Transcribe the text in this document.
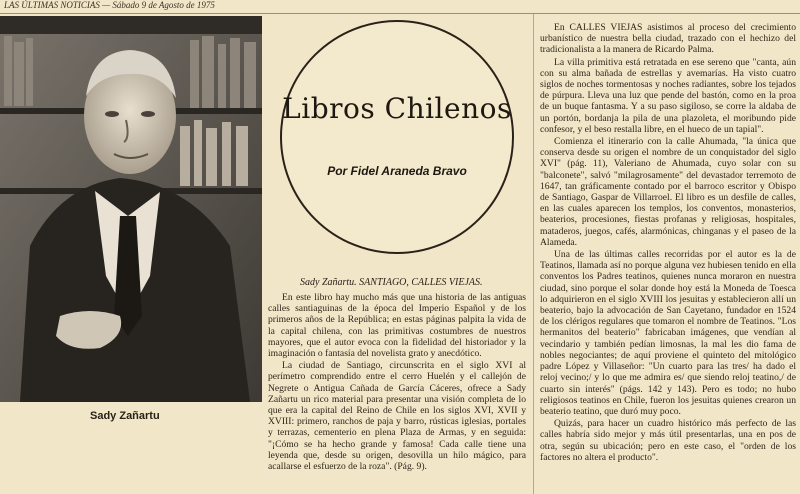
LAS ÚLTIMAS NOTICIAS — Sábado 9 de Agosto de 1975
Sady Zañartu
Libros Chilenos
Por Fidel Araneda Bravo
Sady Zañartu. SANTIAGO, CALLES VIEJAS.

En este libro hay mucho más que una historia de las antiguas calles santiaguinas de la época del Imperio Español y de los primeros años de la República; en estas páginas palpita la vida de la capital chilena, con las primitivas costumbres de nuestros mayores, que el autor evoca con la fidelidad del historiador y la imaginación o fantasía del novelista grato y anecdótico.

La ciudad de Santiago, circunscrita en el siglo XVI al perímetro comprendido entre el cerro Huelén y el callejón de Negrete o Antigua Cañada de García Cáceres, ofrece a Sady Zañartu un rico material para presentar una visión completa de lo que era la capital del Reino de Chile en los siglos XVI, XVII y XVIII: primero, ranchos de paja y barro, rústicas iglesias, portales y terrazas, cementerio en plena Plaza de Armas, y en seguida: "¡Cómo se ha hecho grande y famosa! Cada calle tiene una leyenda que, desde su origen, desovilla un hilo mágico, para acallarse el esfuerzo de la roza". (Pág. 9).

En CALLES VIEJAS asistimos al proceso del crecimiento urbanístico de nuestra bella ciudad, trazado con el hechizo del tradicionalista a la manera de Ricardo Palma.

La villa primitiva está retratada en ese sereno que "canta, aún con su alma bañada de estrellas y avemarías. Ha visto cuatro siglos de noches tormentosas y noches radiantes, sobre los tejados de púrpura. Lleva una luz que pende del bastón, como en la proa de un buque fantasma. Y a su paso sigiloso, se corre la aldaba de un portón, bordanja la pila de una plazoleta, el moribundo pide confesor, y el beso restalla libre, en el hueco de un tapial".

Comienza el itinerario con la calle Ahumada, "la única que conserva desde su origen el nombre de un conquistador del siglo XVI" (pág. 11), Valeriano de Ahumada, cuyo solar con su "balconete", salvó "milagrosamente" del devastador terremoto de 1647, tan gráficamente contado por el barroco escritor y Obispo de Santiago, Gaspar de Villarroel. El libro es un desfile de calles, en las cuales aparecen los templos, los conventos, monasterios, beaterios, procesiones, fiestas profanas y religiosas, hospitales, mataderos, juegos, cafés, alarmónicas, chinganas y el paseo de la Alameda.

Una de las últimas calles recorridas por el autor es la de Teatinos, llamada así no porque alguna vez hubiesen tenido en ella conventos los Padres teatinos, quienes nunca moraron en nuestra ciudad, sino porque el solar donde hoy está la Moneda de Toesca lo adquirieron en el siglo XVIII los jesuitas y establecieron allí un beaterio, bajo la advocación de San Cayetano, fundador en 1524 de los clérigos regulares que tomaron el nombre de Teatinos. "Los hermanitos del beaterio" fabricaban imágenes, que vendían al vecindario y también pedían limosnas, la mal les dio fama de nobles negociantes; de aquí proviene el quinteto del mitológico padre López y Villaseñor: "Un cuarto para las tres/ ha dado el reloj vecino;/ y lo que me admira es/ que siendo reloj teatino,/ de cuarto sin interés" (págs. 142 y 143). Pero es todo; no hubo religiosos teatinos en Chile, fueron los jesuitas quienes crearon un beaterio teatino, que duró muy poco.

Quizás, para hacer un cuadro histórico más perfecto de las calles habría sido mejor y más útil presentarlas, una en pos de otra, según su ubicación; pero en este caso, el "orden de los factores no altera el producto".
